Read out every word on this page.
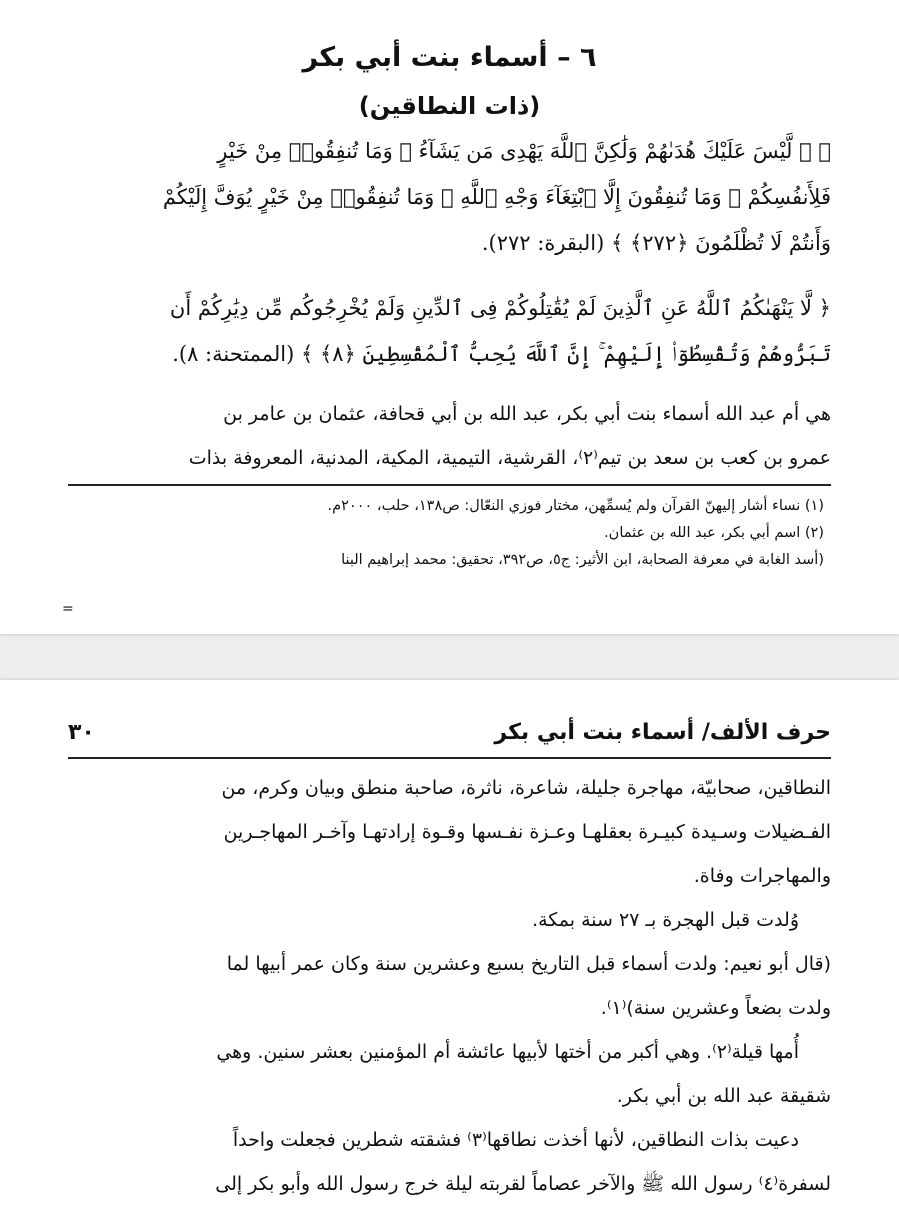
٦ – أسماء بنت أبي بكر
(ذات النطاقين)
﴿ ۞ لَّيْسَ عَلَيْكَ هُدَىٰهُمْ وَلَٰكِنَّ ٱللَّهَ يَهْدِى مَن يَشَآءُ ۗ وَمَا تُنفِقُوا۟ مِنْ خَيْرٍ
فَلِأَنفُسِكُمْ ۚ وَمَا تُنفِقُونَ إِلَّا ٱبْتِغَآءَ وَجْهِ ٱللَّهِ ۚ وَمَا تُنفِقُوا۟ مِنْ خَيْرٍ يُوَفَّ إِلَيْكُمْ
وَأَنتُمْ لَا تُظْلَمُونَ ﴿٢٧٢﴾ ﴾ (البقرة: ٢٧٢).
﴿ لَّا يَنْهَىٰكُمُ ٱللَّهُ عَنِ ٱلَّذِينَ لَمْ يُقَٰتِلُوكُمْ فِى ٱلدِّينِ وَلَمْ يُخْرِجُوكُم مِّن دِيَٰرِكُمْ أَن
تَبَرُّوهُمْ وَتُقْسِطُوٓا۟ إِلَيْهِمْ ۚ إِنَّ ٱللَّهَ يُحِبُّ ٱلْمُقْسِطِينَ ﴿٨﴾ ﴾ (الممتحنة: ٨).
هي أم عبد الله أسماء بنت أبي بكر، عبد الله بن أبي قحافة، عثمان بن عامر بن
عمرو بن كعب بن سعد بن تيم⁽٢⁾، القرشية، التيمية، المكية، المدنية، المعروفة بذات
(١) نساء أشار إليهنّ القرآن ولم يُسمِّهن، مختار فوزي النعّال: ص١٣٨، حلب، ٢٠٠٠م.
(٢) اسم أبي بكر، عبد الله بن عثمان.
(أسد الغابة في معرفة الصحابة، ابن الأثير: ج٥، ص٣٩٢، تحقيق: محمد إبراهيم البنا
=
حرف الألف/ أسماء بنت أبي بكر
٣٠
النطاقين، صحابيّة، مهاجرة جليلة، شاعرة، ناثرة، صاحبة منطق وبيان وكرم، من
الفـضيلات وسـيدة كبيـرة بعقلهـا وعـزة نفـسها وقـوة إرادتهـا وآخـر المهاجـرين
والمهاجرات وفاة.
وُلدت قبل الهجرة بـ ٢٧ سنة بمكة.
(قال أبو نعيم: ولدت أسماء قبل التاريخ بسبع وعشرين سنة وكان عمر أبيها لما
ولدت بضعاً وعشرين سنة)⁽١⁾.
أُمها قيلة⁽٢⁾. وهي أكبر من أختها لأبيها عائشة أم المؤمنين بعشر سنين. وهي
شقيقة عبد الله بن أبي بكر.
دعيت بذات النطاقين، لأنها أخذت نطاقها⁽٣⁾ فشقته شطرين فجعلت واحداً
لسفرة⁽٤⁾ رسول الله ﷺ والآخر عصاماً لقربته ليلة خرج رسول الله وأبو بكر إلى
